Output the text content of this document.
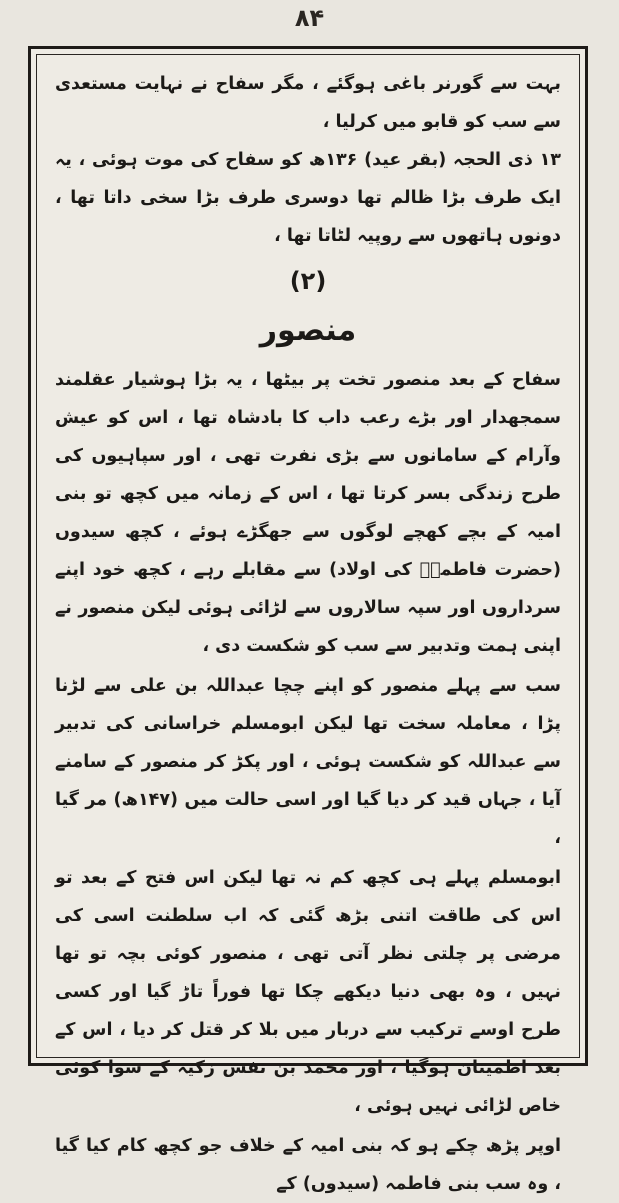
۸۴

بہت سے گورنر باغی ہوگئے ، مگر سفاح نے نہایت مستعدی سے سب کو قابو میں کرلیا ،

۱۳ ذی الحجہ (بقر عید) ۱۳۶ھ کو سفاح کی موت ہوئی ، یہ ایک طرف بڑا ظالم تھا دوسری طرف بڑا سخی داتا تھا ، دونوں ہاتھوں سے روپیہ لٹاتا تھا ،

(۲)
منصور

سفاح کے بعد منصور تخت پر بیٹھا ، یہ بڑا ہوشیار عقلمند سمجھدار اور بڑے رعب داب کا بادشاہ تھا ، اس کو عیش وآرام کے سامانوں سے بڑی نفرت تھی ، اور سپاہیوں کی طرح زندگی بسر کرتا تھا ، اس کے زمانہ میں کچھ تو بنی امیہ کے بچے کھچے لوگوں سے جھگڑے ہوئے ، کچھ سیدوں (حضرت فاطمہؓ کی اولاد) سے مقابلے رہے ، کچھ خود اپنے سرداروں اور سپہ سالاروں سے لڑائی ہوئی لیکن منصور نے اپنی ہمت وتدبیر سے سب کو شکست دی ،

سب سے پہلے منصور کو اپنے چچا عبداللہ بن علی سے لڑنا پڑا ، معاملہ سخت تھا لیکن ابومسلم خراسانی کی تدبیر سے عبداللہ کو شکست ہوئی ، اور پکڑ کر منصور کے سامنے آیا ، جہاں قید کر دیا گیا اور اسی حالت میں (۱۴۷ھ) مر گیا ،

ابومسلم پہلے ہی کچھ کم نہ تھا لیکن اس فتح کے بعد تو اس کی طاقت اتنی بڑھ گئی کہ اب سلطنت اسی کی مرضی پر چلتی نظر آتی تھی ، منصور کوئی بچہ تو تھا نہیں ، وہ بھی دنیا دیکھے چکا تھا فوراً تاڑ گیا اور کسی طرح اوسے ترکیب سے دربار میں بلا کر قتل کر دیا ، اس کے بعد اطمینان ہوگیا ، اور محمد بن نفس زکیہ کے سوا کوئی خاص لڑائی نہیں ہوئی ،

اوپر پڑھ چکے ہو کہ بنی امیہ کے خلاف جو کچھ کام کیا گیا ، وہ سب بنی فاطمہ (سیدوں) کے
